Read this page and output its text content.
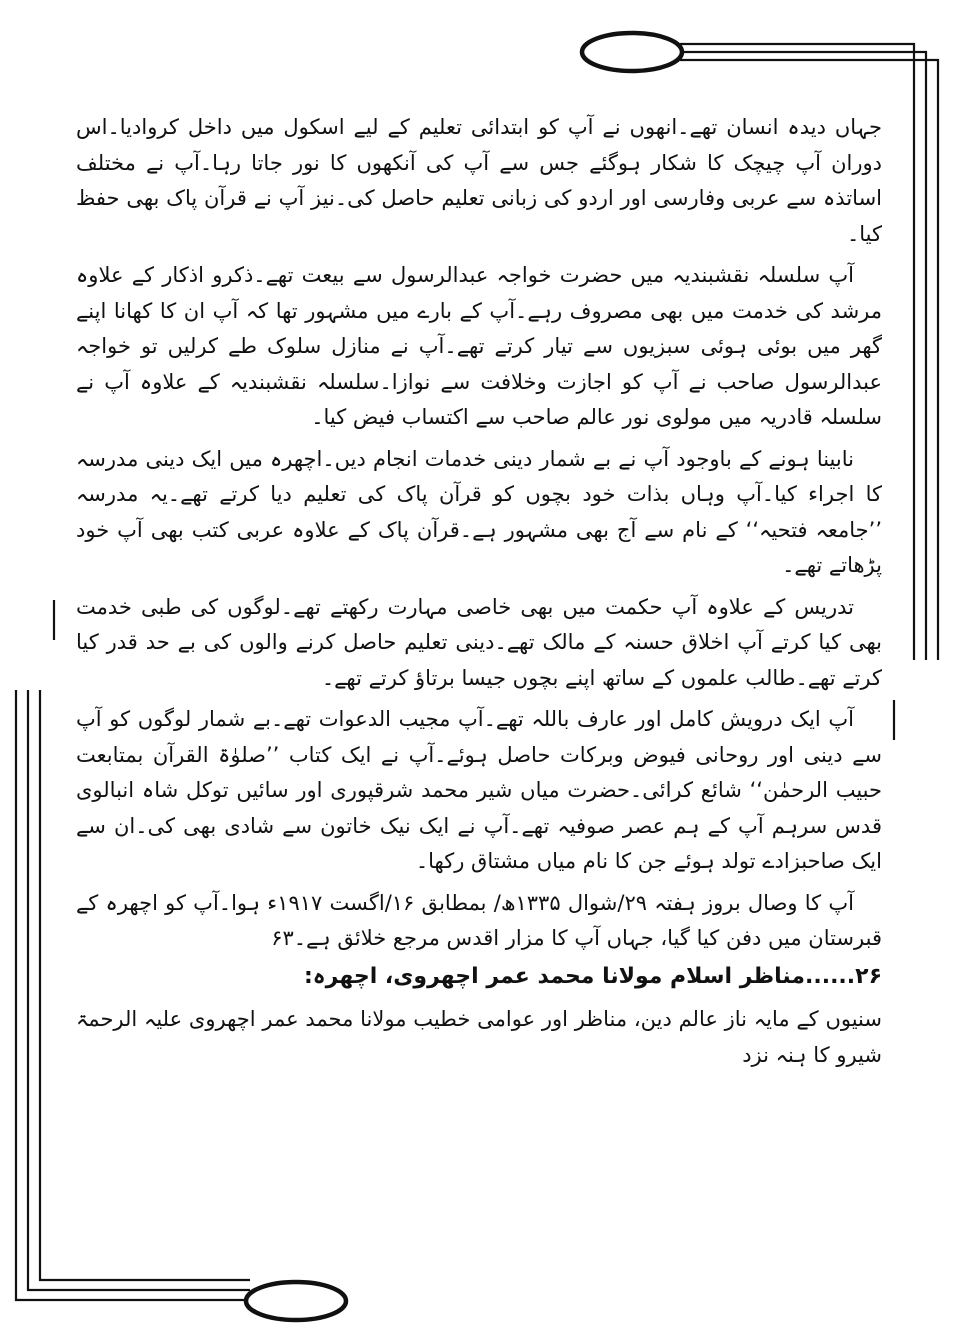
جہاں دیدہ انسان تھے۔انھوں نے آپ کو ابتدائی تعلیم کے لیے اسکول میں داخل کروادیا۔اس دوران آپ چیچک کا شکار ہوگئے جس سے آپ کی آنکھوں کا نور جاتا رہا۔آپ نے مختلف اساتذہ سے عربی وفارسی اور اردو کی زبانی تعلیم حاصل کی۔نیز آپ نے قرآن پاک بھی حفظ کیا۔

آپ سلسلہ نقشبندیہ میں حضرت خواجہ عبدالرسول سے بیعت تھے۔ذکرو اذکار کے علاوہ مرشد کی خدمت میں بھی مصروف رہے۔آپ کے بارے میں مشہور تھا کہ آپ ان کا کھانا اپنے گھر میں بوئی ہوئی سبزیوں سے تیار کرتے تھے۔آپ نے منازل سلوک طے کرلیں تو خواجہ عبدالرسول صاحب نے آپ کو اجازت وخلافت سے نوازا۔سلسلہ نقشبندیہ کے علاوہ آپ نے سلسلہ قادریہ میں مولوی نور عالم صاحب سے اکتساب فیض کیا۔

نابینا ہونے کے باوجود آپ نے بے شمار دینی خدمات انجام دیں۔اچھرہ میں ایک دینی مدرسہ کا اجراء کیا۔آپ وہاں بذات خود بچوں کو قرآن پاک کی تعلیم دیا کرتے تھے۔یہ مدرسہ ’’جامعہ فتحیہ‘‘ کے نام سے آج بھی مشہور ہے۔قرآن پاک کے علاوہ عربی کتب بھی آپ خود پڑھاتے تھے۔

تدریس کے علاوہ آپ حکمت میں بھی خاصی مہارت رکھتے تھے۔لوگوں کی طبی خدمت بھی کیا کرتے آپ اخلاق حسنہ کے مالک تھے۔دینی تعلیم حاصل کرنے والوں کی بے حد قدر کیا کرتے تھے۔طالب علموں کے ساتھ اپنے بچوں جیسا برتاؤ کرتے تھے۔

آپ ایک درویش کامل اور عارف باللہ تھے۔آپ مجیب الدعوات تھے۔بے شمار لوگوں کو آپ سے دینی اور روحانی فیوض وبرکات حاصل ہوئے۔آپ نے ایک کتاب ’’صلوٰۃ القرآن بمتابعت حبیب الرحمٰن‘‘ شائع کرائی۔حضرت میاں شیر محمد شرقپوری اور سائیں توکل شاہ انبالوی قدس سرہم آپ کے ہم عصر صوفیہ تھے۔آپ نے ایک نیک خاتون سے شادی بھی کی۔ان سے ایک صاحبزادے تولد ہوئے جن کا نام میاں مشتاق رکھا۔

آپ کا وصال بروز ہفتہ ۲۹/شوال ۱۳۳۵ھ/ بمطابق ۱۶/اگست ۱۹۱۷ء ہوا۔آپ کو اچھرہ کے قبرستان میں دفن کیا گیا، جہاں آپ کا مزار اقدس مرجع خلائق ہے۔۶۳

۲۶......مناظر اسلام مولانا محمد عمر اچھروی، اچھرہ:

سنیوں کے مایہ ناز عالم دین، مناظر اور عوامی خطیب مولانا محمد عمر اچھروی علیہ الرحمۃ شیرو کا ہنہ نزد
